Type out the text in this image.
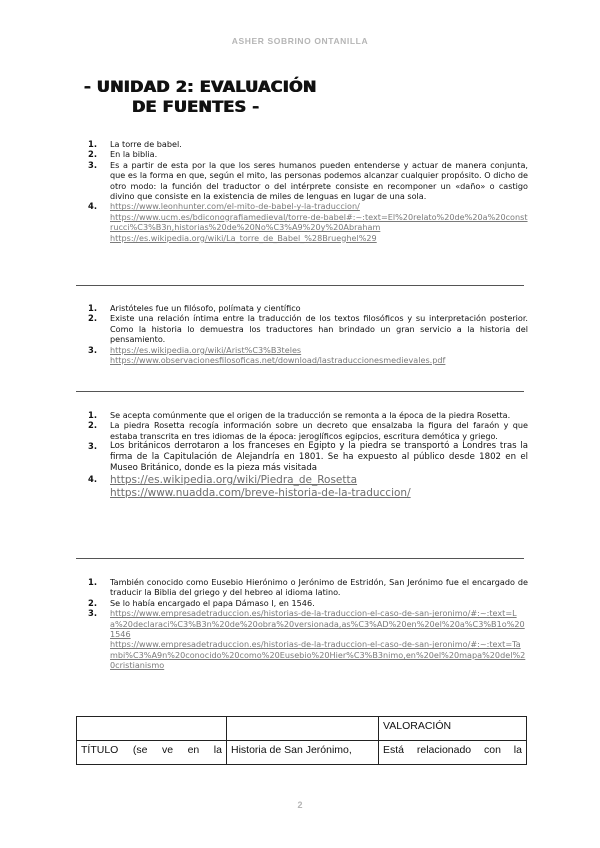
ASHER SOBRINO ONTANILLA
- UNIDAD 2: EVALUACIÓN
DE FUENTES -
1. La torre de babel.
2. En la biblia.
3. Es a partir de esta por la que los seres humanos pueden entenderse y actuar de manera conjunta, que es la forma en que, según el mito, las personas podemos alcanzar cualquier propósito. O dicho de otro modo: la función del traductor o del intérprete consiste en recomponer un «daño» o castigo divino que consiste en la existencia de miles de lenguas en lugar de una sola.
4. https://www.leonhunter.com/el-mito-de-babel-y-la-traduccion/
https://www.ucm.es/bdiconografiamedieval/torre-de-babel#:~:text=El%20relato%20de%20a%20construcci%C3%B3n,historias%20de%20No%C3%A9%20y%20Abraham
https://es.wikipedia.org/wiki/La_torre_de_Babel_%28Brueghel%29
1. Aristóteles fue un filósofo, polímata y científico
2. Existe una relación íntima entre la traducción de los textos filosóficos y su interpretación posterior. Como la historia lo demuestra los traductores han brindado un gran servicio a la historia del pensamiento.
3. https://es.wikipedia.org/wiki/Arist%C3%B3teles
https://www.observacionesfilosoficas.net/download/lastraduccionesmedievales.pdf
1. Se acepta comúnmente que el origen de la traducción se remonta a la época de la piedra Rosetta.
2. La piedra Rosetta recogía información sobre un decreto que ensalzaba la figura del faraón y que estaba transcrita en tres idiomas de la época: jeroglíficos egipcios, escritura demótica y griego.
3. Los británicos derrotaron a los franceses en Egipto y la piedra se transportó a Londres tras la firma de la Capitulación de Alejandría en 1801. Se ha expuesto al público desde 1802 en el Museo Británico, donde es la pieza más visitada
4. https://es.wikipedia.org/wiki/Piedra_de_Rosetta
https://www.nuadda.com/breve-historia-de-la-traduccion/
1. También conocido como Eusebio Hierónimo o Jerónimo de Estridón, San Jerónimo fue el encargado de traducir la Biblia del griego y del hebreo al idioma latino.
2. Se lo había encargado el papa Dámaso I, en 1546.
3. https://www.empresadetraduccion.es/historias-de-la-traduccion-el-caso-de-san-jeronimo/#:~:text=La%20declaraci%C3%B3n%20de%20obra%20versionada,as%C3%AD%20en%20el%20a%C3%B1o%201546
https://www.empresadetraduccion.es/historias-de-la-traduccion-el-caso-de-san-jeronimo/#:~:text=Tambi%C3%A9n%20conocido%20como%20Eusebio%20Hier%C3%B3nimo,en%20el%20mapa%20del%20cristianismo
		VALORACIÓN

TÍTULO (se ve en la	Historia de San Jerónimo,	Está relacionado con la
2
